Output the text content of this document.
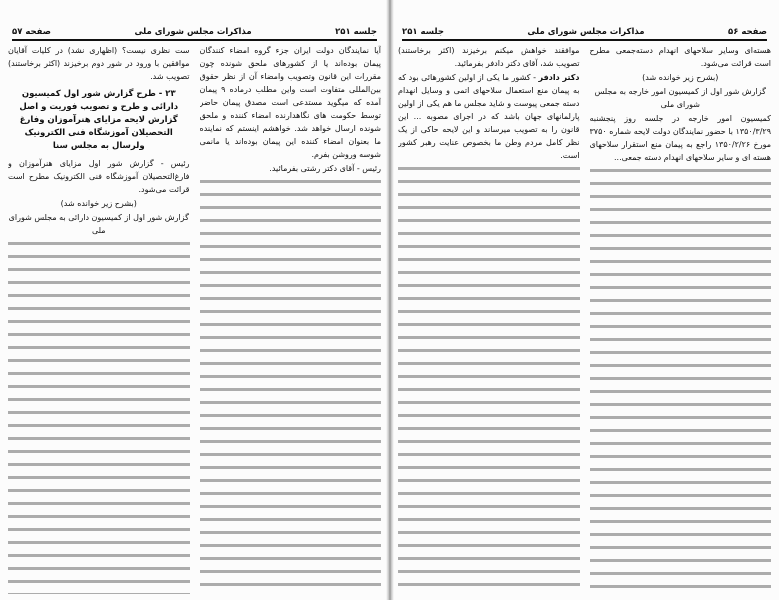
جلسه ۲۵۱
مذاکرات مجلس شورای ملی
صفحه ۵۷

آیا نمایندگان دولت ایران جزء گروه امضاء کنندگان پیمان بوده‌اند یا از کشورهای ملحق شونده چون مقررات این قانون وتصویب وامضاء آن از نظر حقوق بین‌المللی متفاوت است واین مطلب درماده ۹ پیمان آمده که میگوید مستدعی است مصدق پیمان حاضر توسط حکومت های نگاهدارنده امضاء کننده و ملحق شونده ارسال خواهد شد. خواهشم اینستم که نماینده ما بعنوان امضاء کننده این پیمان بوده‌اند یا مانمی شوسه وروشن بفرم.

رئیس - آقای دکتر رشتی بفرمائید.

ست نظری نیست؟ (اظهاری نشد) در کلیات آقایان موافقین با ورود در شور دوم برخیزند (اکثر برخاستند) تصویب شد.

۲۳ - طرح گزارش شور اول کمیسیون دارائی و طرح و تصویب فوریت و اصل گزارش لایحه مزایای هنرآموزان وفارغ التحصیلان آموزشگاه فنی الکترونیک ولرسال به مجلس سنا

رئیس - گزارش شور اول مزایای هنرآموزان و فارغ‌التحصیلان آموزشگاه فنی الکترونیک مطرح است قرائت می‌شود.

(بشرح زیر خوانده شد)

گزارش شور اول از کمیسیون دارائی به مجلس شورای ملی

صفحه ۵۶
مذاکرات مجلس شورای ملی
جلسه ۲۵۱

هسته‌ای وسایر سلاحهای انهدام دسته‌جمعی مطرح است قرائت می‌شود.

(بشرح زیر خوانده شد)

گزارش شور اول از کمیسیون امور خارجه به مجلس شورای ملی

کمیسیون امور خارجه در جلسه روز پنجشنبه ۱۳۵۰/۳/۲۹ با حضور نمایندگان دولت لایحه شماره ۳۷۵۰ مورخ ۱۳۵۰/۲/۲۶ راجع به پیمان منع استقرار سلاحهای هسته ای و سایر سلاحهای انهدام دسته جمعی...

موافقند خواهش میکنم برخیزند (اکثر برخاستند) تصویب شد، آقای دکتر دادفر بفرمائید.

دکتر دادفر - کشور ما یکی از اولین کشورهائی بود که به پیمان منع استعمال سلاحهای اتمی و وسایل انهدام دسته جمعی پیوست و شاید مجلس ما هم یکی از اولین پارلمانهای جهان باشد که در اجرای مصوبه ... این قانون را به تصویب میرساند و این لایحه حاکی از یک نظر کامل مردم وطن ما بخصوص عنایت رهبر کشور است.
